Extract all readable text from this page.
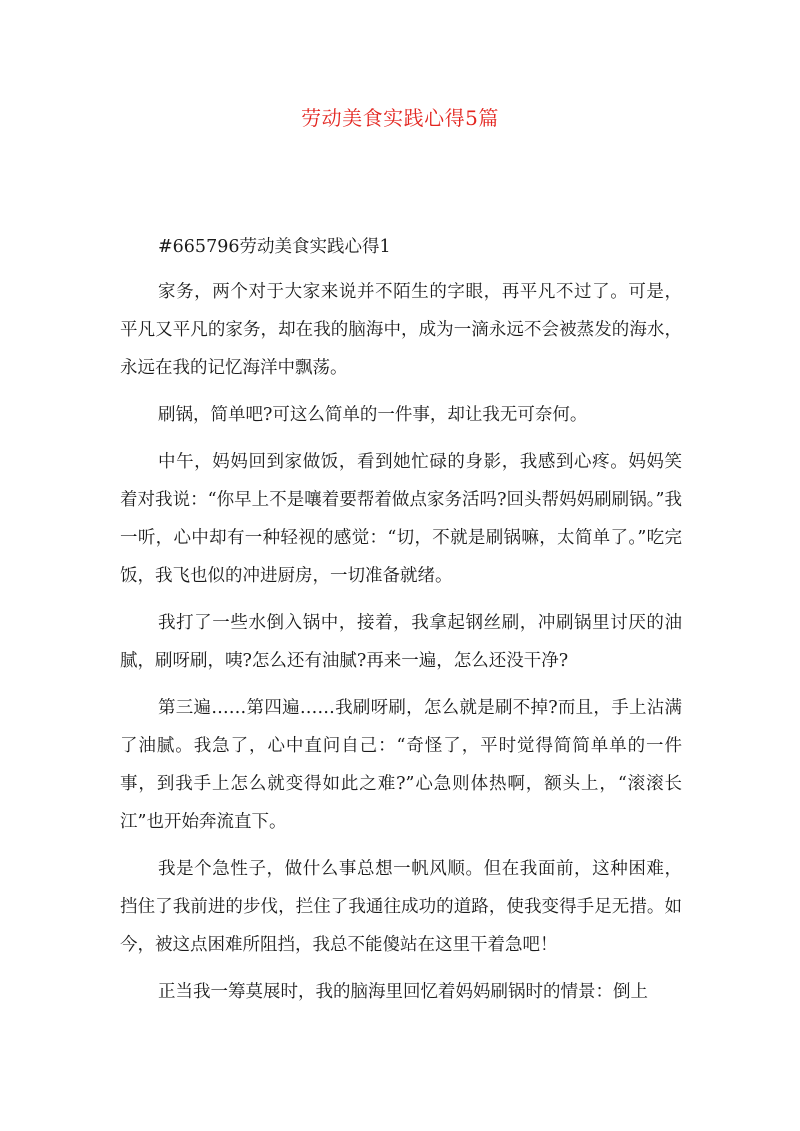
劳动美食实践心得5篇
#665796劳动美食实践心得1

家务，两个对于大家来说并不陌生的字眼，再平凡不过了。可是，平凡又平凡的家务，却在我的脑海中，成为一滴永远不会被蒸发的海水，永远在我的记忆海洋中飘荡。

刷锅，简单吧?可这么简单的一件事，却让我无可奈何。

中午，妈妈回到家做饭，看到她忙碌的身影，我感到心疼。妈妈笑着对我说：“你早上不是嚷着要帮着做点家务活吗?回头帮妈妈刷刷锅。”我一听，心中却有一种轻视的感觉：“切，不就是刷锅嘛，太简单了。”吃完饭，我飞也似的冲进厨房，一切准备就绪。

我打了一些水倒入锅中，接着，我拿起钢丝刷，冲刷锅里讨厌的油腻，刷呀刷，咦?怎么还有油腻?再来一遍，怎么还没干净?

第三遍……第四遍……我刷呀刷，怎么就是刷不掉?而且，手上沾满了油腻。我急了，心中直问自己：“奇怪了，平时觉得简简单单的一件事，到我手上怎么就变得如此之难?”心急则体热啊，额头上，“滚滚长江”也开始奔流直下。

我是个急性子，做什么事总想一帆风顺。但在我面前，这种困难，挡住了我前进的步伐，拦住了我通往成功的道路，使我变得手足无措。如今，被这点困难所阻挡，我总不能傻站在这里干着急吧！

正当我一筹莫展时，我的脑海里回忆着妈妈刷锅时的情景：倒上
